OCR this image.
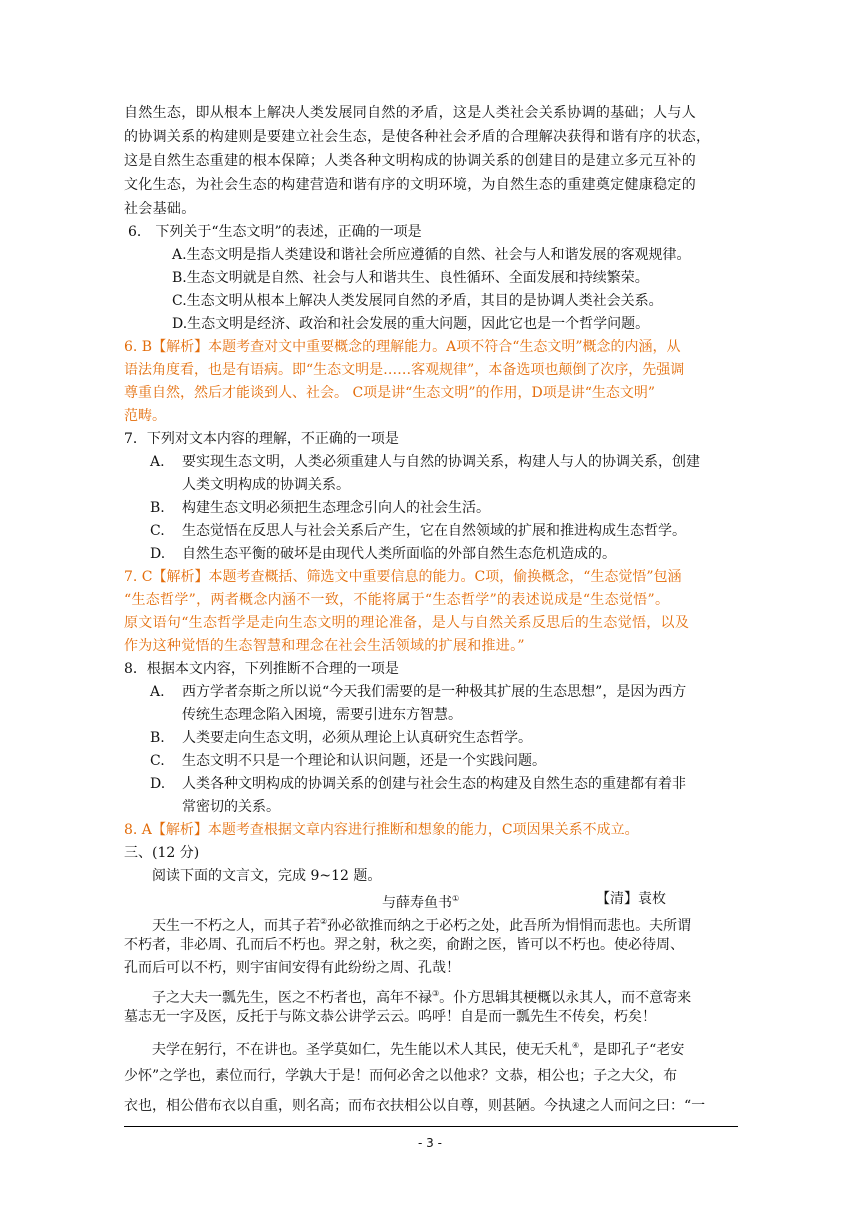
自然生态，即从根本上解决人类发展同自然的矛盾，这是人类社会关系协调的基础；人与人
的协调关系的构建则是要建立社会生态，是使各种社会矛盾的合理解决获得和谐有序的状态，
这是自然生态重建的根本保障；人类各种文明构成的协调关系的创建目的是建立多元互补的
文化生态，为社会生态的构建营造和谐有序的文明环境，为自然生态的重建奠定健康稳定的
社会基础。
6． 下列关于“生态文明”的表述，正确的一项是
A.生态文明是指人类建设和谐社会所应遵循的自然、社会与人和谐发展的客观规律。
B.生态文明就是自然、社会与人和谐共生、良性循环、全面发展和持续繁荣。
C.生态文明从根本上解决人类发展同自然的矛盾，其目的是协调人类社会关系。
D.生态文明是经济、政治和社会发展的重大问题，因此它也是一个哲学问题。
6. B【解析】本题考查对文中重要概念的理解能力。A项不符合“生态文明”概念的内涵，从
语法角度看，也是有语病。即“生态文明是……客观规律”，本备选项也颠倒了次序，先强调
尊重自然，然后才能谈到人、社会。 C项是讲“生态文明”的作用，D项是讲“生态文明”
范畴。
7．下列对文本内容的理解，不正确的一项是
A. 要实现生态文明，人类必须重建人与自然的协调关系，构建人与人的协调关系，创建
人类文明构成的协调关系。
B. 构建生态文明必须把生态理念引向人的社会生活。
C. 生态觉悟在反思人与社会关系后产生，它在自然领域的扩展和推进构成生态哲学。
D. 自然生态平衡的破坏是由现代人类所面临的外部自然生态危机造成的。
7. C【解析】本题考查概括、筛选文中重要信息的能力。C项，偷换概念，“生态觉悟”包涵
“生态哲学”，两者概念内涵不一致，不能将属于“生态哲学”的表述说成是“生态觉悟”。
原文语句“生态哲学是走向生态文明的理论准备，是人与自然关系反思后的生态觉悟，以及
作为这种觉悟的生态智慧和理念在社会生活领域的扩展和推进。”
8．根据本文内容，下列推断不合理的一项是
A. 西方学者奈斯之所以说“今天我们需要的是一种极其扩展的生态思想”，是因为西方
传统生态理念陷入困境，需要引进东方智慧。
B. 人类要走向生态文明，必须从理论上认真研究生态哲学。
C. 生态文明不只是一个理论和认识问题，还是一个实践问题。
D. 人类各种文明构成的协调关系的创建与社会生态的构建及自然生态的重建都有着非
常密切的关系。
8. A【解析】本题考查根据文章内容进行推断和想象的能力，C项因果关系不成立。
三、(12 分)
阅读下面的文言文，完成 9~12 题。
与薛寿鱼书①	【清】袁枚
天生一不朽之人，而其子若②孙必欲推而纳之于必朽之处，此吾所为悁悁而悲也。夫所谓
不朽者，非必周、孔而后不朽也。羿之射，秋之奕，俞跗之医，皆可以不朽也。使必待周、
孔而后可以不朽，则宇宙间安得有此纷纷之周、孔哉！
子之大夫一瓢先生，医之不朽者也，高年不禄③。仆方思辑其梗概以永其人，而不意寄来
墓志无一字及医，反托于与陈文恭公讲学云云。呜呼！自是而一瓢先生不传矣，朽矣！
夫学在躬行，不在讲也。圣学莫如仁，先生能以术人其民，使无夭札④，是即孔子“老安
少怀”之学也，素位而行，学孰大于是！而何必舍之以他求？文恭，相公也；子之大父，布
衣也，相公借布衣以自重，则名高；而布衣扶相公以自尊，则甚陋。今执逮之人而问之曰：“一
- 3 -
